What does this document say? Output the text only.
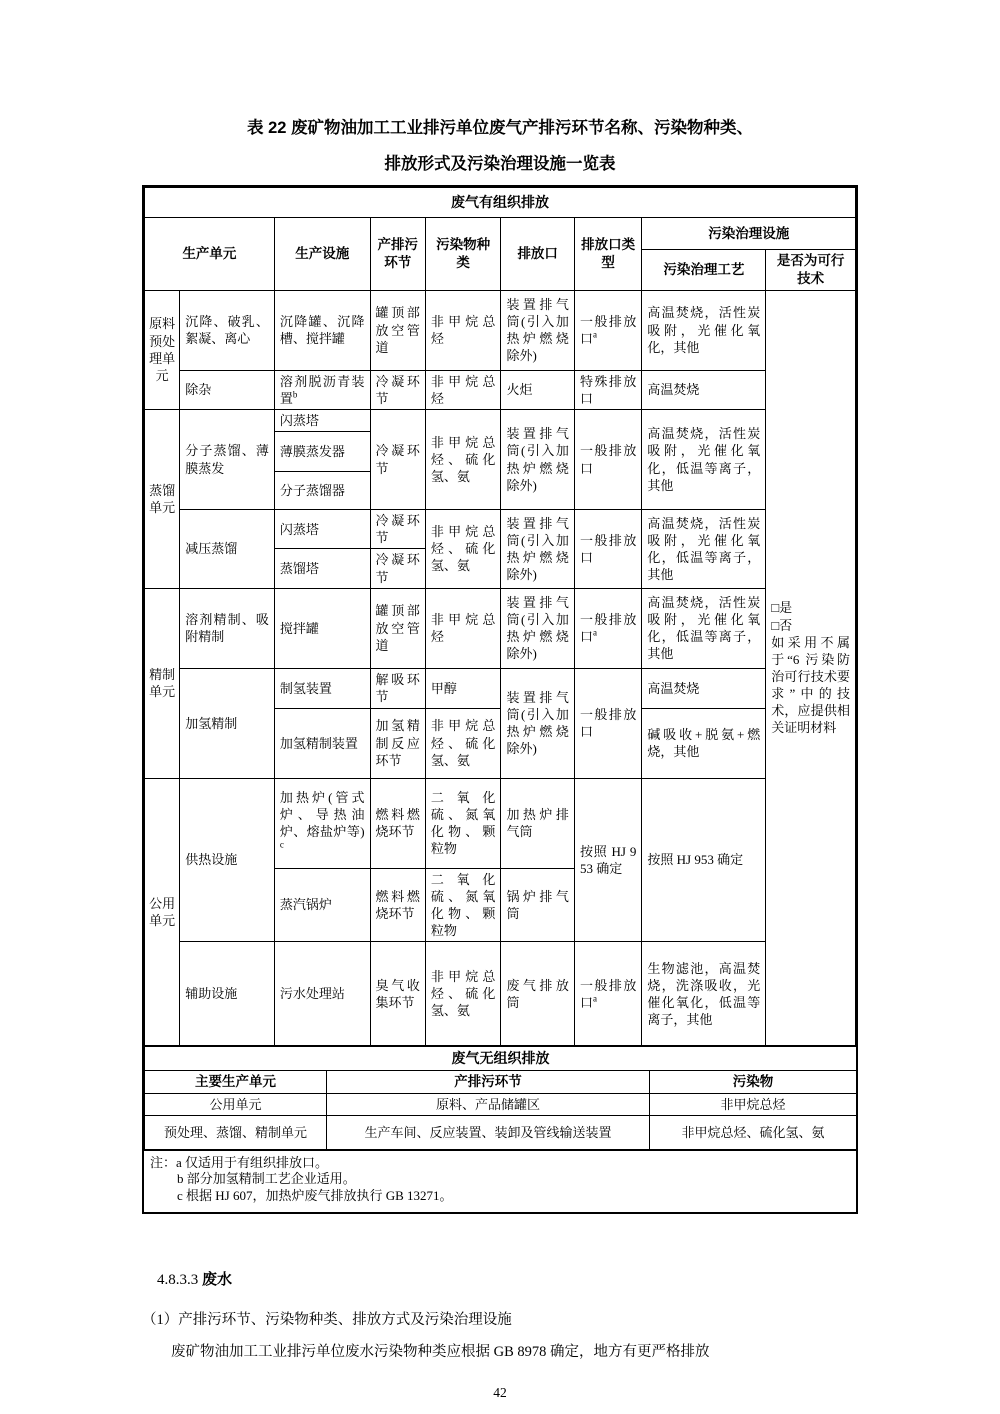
表 22 废矿物油加工工业排污单位废气产排污环节名称、污染物种类、
排放形式及污染治理设施一览表
废气有组织排放								
生产单元		生产设施	产排污环节	污染物种类	排放口	排放口类型	污染治理设施	
							污染治理工艺	是否为可行技术
原料预处理单元	沉降、破乳、絮凝、离心	沉降罐、沉降槽、搅拌罐	罐顶部放空管道	非甲烷总烃	装置排气筒(引入加热炉燃烧除外)	一般排放口$^a$	高温焚烧，活性炭吸附，光催化氧化，其他	□是
□否
如采用不属于“6 污染防治可行技术要求”中的技术，应提供相关证明材料
	除杂	溶剂脱沥青装置$^b$	冷凝环节	非甲烷总烃	火炬	特殊排放口	高温焚烧	
蒸馏单元	分子蒸馏、薄膜蒸发	闪蒸塔	冷凝环节	非甲烷总烃、硫化氢、氨	装置排气筒(引入加热炉燃烧除外)	一般排放口	高温焚烧，活性炭吸附，光催化氧化，低温等离子，其他	
		薄膜蒸发器						
		分子蒸馏器						
	减压蒸馏	闪蒸塔	冷凝环节	非甲烷总烃、硫化氢、氨	装置排气筒(引入加热炉燃烧除外)	一般排放口	高温焚烧，活性炭吸附，光催化氧化，低温等离子，其他	
		蒸馏塔	冷凝环节					
精制单元	溶剂精制、吸附精制	搅拌罐	罐顶部放空管道	非甲烷总烃	装置排气筒(引入加热炉燃烧除外)	一般排放口$^a$	高温焚烧，活性炭吸附，光催化氧化，低温等离子，其他	
	加氢精制	制氢装置	解吸环节	甲醇	装置排气筒(引入加热炉燃烧除外)	一般排放口	高温焚烧	
		加氢精制装置	加氢精制反应环节	非甲烷总烃、硫化氢、氨			碱吸收+脱氨+燃烧，其他	
公用单元	供热设施	加热炉(管式炉、导热油炉、熔盐炉等)$^c$	燃料燃烧环节	二氧化硫、氮氧化物、颗粒物	加热炉排气筒	按照 HJ 953 确定	按照 HJ 953 确定	
		蒸汽锅炉	燃料燃烧环节	二氧化硫、氮氧化物、颗粒物	锅炉排气筒			
	辅助设施	污水处理站	臭气收集环节	非甲烷总烃、硫化氢、氨	废气排放筒	一般排放口$^a$	生物滤池，高温焚烧，洗涤吸收，光催化氧化，低温等离子，其他	
废气无组织排放		
主要生产单元	产排污环节	污染物
公用单元	原料、产品储罐区	非甲烷总烃
预处理、蒸馏、精制单元	生产车间、反应装置、装卸及管线输送装置	非甲烷总烃、硫化氢、氨
注：a 仅适用于有组织排放口。
b 部分加氢精制工艺企业适用。
c 根据 HJ 607，加热炉废气排放执行 GB 13271。
4.8.3.3 废水
（1）产排污环节、污染物种类、排放方式及污染治理设施
废矿物油加工工业排污单位废水污染物种类应根据 GB 8978 确定，地方有更严格排放
42
